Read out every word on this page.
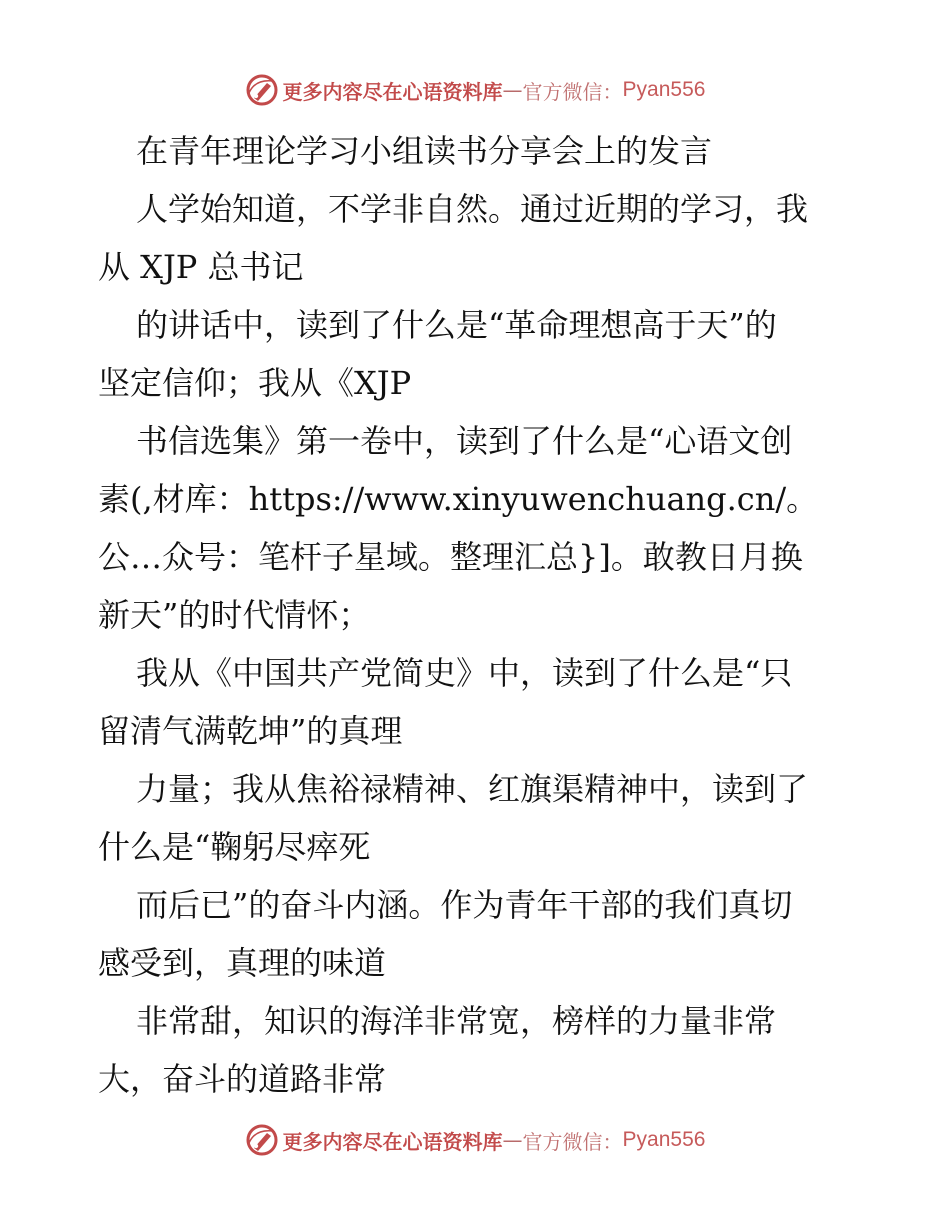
更多内容尽在心语资料库 — 官方微信： Pyan556
在青年理论学习小组读书分享会上的发言
人学始知道，不学非自然。通过近期的学习，我
从 XJP 总书记
的讲话中，读到了什么是“革命理想高于天”的
坚定信仰；我从《XJP
书信选集》第一卷中，读到了什么是“心语文创
素(,材库：https://www.xinyuwenchuang.cn/。
公…众号：笔杆子星域。整理汇总}]。敢教日月换
新天”的时代情怀；
我从《中国共产党简史》中，读到了什么是“只
留清气满乾坤”的真理
力量；我从焦裕禄精神、红旗渠精神中，读到了
什么是“鞠躬尽瘁死
而后已”的奋斗内涵。作为青年干部的我们真切
感受到，真理的味道
非常甜，知识的海洋非常宽，榜样的力量非常
大，奋斗的道路非常
更多内容尽在心语资料库 — 官方微信： Pyan556
